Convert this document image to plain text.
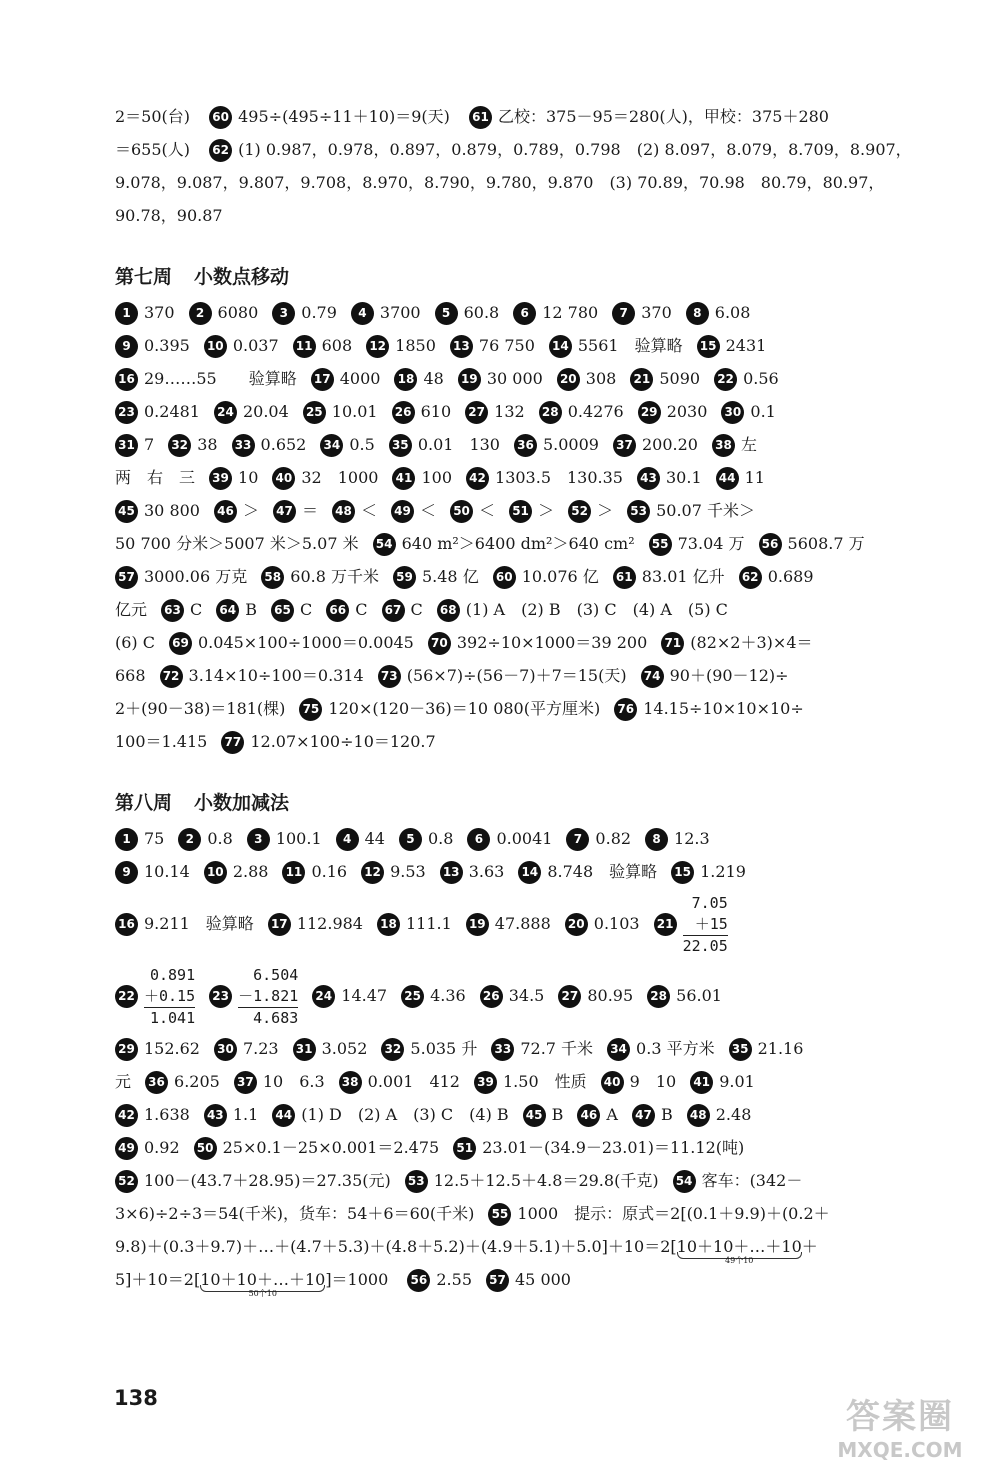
2＝50(台) 60 495÷(495÷11＋10)＝9(天) 61 乙校：375－95＝280(人)，甲校：375＋280
＝655(人) 62 (1) 0.987，0.978，0.897，0.879，0.789，0.798　(2) 8.097，8.079，8.709，8.907，
9.078，9.087，9.807，9.708，8.970，8.790，9.780，9.870　(3) 70.89，70.98　80.79，80.97，
90.78，90.87
第七周 小数点移动
1 370 2 6080 3 0.79 4 3700 5 60.8 6 12 780 7 370 8 6.08
9 0.395 10 0.037 11 608 12 1850 13 76 750 14 5561　验算略 15 2431
16 29……55　　验算略 17 4000 18 48 19 30 000 20 308 21 5090 22 0.56
23 0.2481 24 20.04 25 10.01 26 610 27 132 28 0.4276 29 2030 30 0.1
31 7 32 38 33 0.652 34 0.5 35 0.01　130 36 5.0009 37 200.20 38 左
两　右　三 39 10 40 32　1000 41 100 42 1303.5　130.35 43 30.1 44 11
45 30 800 46 ＞ 47 ＝ 48 ＜ 49 ＜ 50 ＜ 51 ＞ 52 ＞ 53 50.07 千米＞
50 700 分米＞5007 米＞5.07 米 54 640 m²＞6400 dm²＞640 cm² 55 73.04 万 56 5608.7 万
57 3000.06 万克 58 60.8 万千米 59 5.48 亿 60 10.076 亿 61 83.01 亿升 62 0.689
亿元 63 C 64 B 65 C 66 C 67 C 68 (1) A　(2) B　(3) C　(4) A　(5) C
(6) C 69 0.045×100÷1000＝0.0045 70 392÷10×1000＝39 200 71 (82×2＋3)×4＝
668 72 3.14×10÷100＝0.314 73 (56×7)÷(56－7)＋7＝15(天) 74 90＋(90－12)÷
2＋(90－38)＝181(棵) 75 120×(120－36)＝10 080(平方厘米) 76 14.15÷10×10×10÷
100＝1.415 77 12.07×100÷10＝120.7
第八周 小数加减法
1 75 2 0.8 3 100.1 4 44 5 0.8 6 0.0041 7 0.82 8 12.3
9 10.14 10 2.88 11 0.16 12 9.53 13 3.63 14 8.748　验算略 15 1.219
16 9.211　验算略 17 112.984 18 111.1 19 47.888 20 0.103 21
7.05
＋15
22.05
22
0.891
＋0.15
1.041
23
6.504
－1.821
4.683
24 14.47 25 4.36 26 34.5 27 80.95 28 56.01
29 152.62 30 7.23 31 3.052 32 5.035 升 33 72.7 千米 34 0.3 平方米 35 21.16
元 36 6.205 37 10　6.3 38 0.001　412 39 1.50　性质 40 9　10 41 9.01
42 1.638 43 1.1 44 (1) D　(2) A　(3) C　(4) B 45 B 46 A 47 B 48 2.48
49 0.92 50 25×0.1－25×0.001＝2.475 51 23.01－(34.9－23.01)＝11.12(吨)
52 100－(43.7＋28.95)＝27.35(元) 53 12.5＋12.5＋4.8＝29.8(千克) 54 客车：(342－
3×6)÷2÷3＝54(千米)，货车：54＋6＝60(千米) 55 1000　提示：原式＝2[(0.1＋9.9)＋(0.2＋
9.8)＋(0.3＋9.7)＋…＋(4.7＋5.3)＋(4.8＋5.2)＋(4.9＋5.1)＋5.0]＋10＝2[10＋10＋…＋10
49个10
＋
5]＋10＝2[10＋10＋…＋10
50个10
]＝1000 56 2.55 57 45 000
138	答案圈
MXQE.COM
